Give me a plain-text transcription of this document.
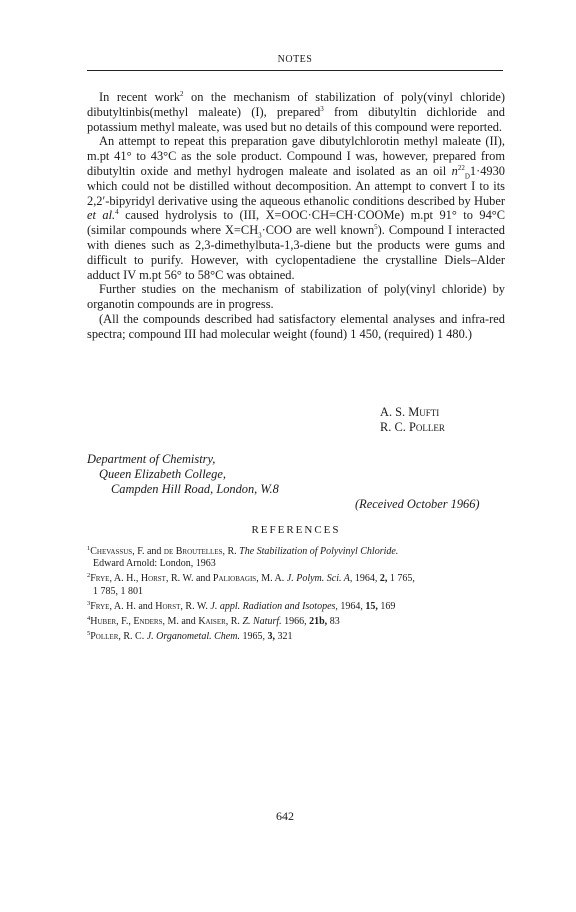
NOTES

In recent work$^2$ on the mechanism of stabilization of poly(vinyl chloride) dibutyltinbis(methyl maleate) (I), prepared$^3$ from dibutyltin dichloride and potassium methyl maleate, was used but no details of this compound were reported.

An attempt to repeat this preparation gave dibutylchlorotin methyl maleate (II), m.pt 41° to 43°C as the sole product. Compound I was, however, prepared from dibutyltin oxide and methyl hydrogen maleate and isolated as an oil $n^{22}_D1\cdot 4930$ which could not be distilled without decomposition. An attempt to convert I to its 2,2′-bipyridyl derivative using the aqueous ethanolic conditions described by Huber et al.$^4$ caused hydrolysis to (III, X=OOC·CH=CH·COOMe) m.pt 91° to 94°C (similar compounds where $X=CH_3\cdot COO$ are well known$^5$). Compound I interacted with dienes such as 2,3-dimethylbuta-1,3-diene but the products were gums and difficult to purify. However, with cyclopentadiene the crystalline Diels–Alder adduct IV m.pt 56° to 58°C was obtained.

Further studies on the mechanism of stabilization of poly(vinyl chloride) by organotin compounds are in progress.

(All the compounds described had satisfactory elemental analyses and infra-red spectra; compound III had molecular weight (found) 1 450, (required) 1 480.)

A. S. Mufti
R. C. Poller
Department of Chemistry,
Queen Elizabeth College,
Campden Hill Road, London, W.8
(Received October 1966)
REFERENCES
$^1$Chevassus, F. and de Broutelles, R. The Stabilization of Polyvinyl Chloride.
Edward Arnold: London, 1963
$^2$Frye, A. H., Horst, R. W. and Paliobagis, M. A. J. Polym. Sci. A, 1964, 2, 1 765,
1 785, 1 801
$^3$Frye, A. H. and Horst, R. W. J. appl. Radiation and Isotopes, 1964, 15, 169
$^4$Huber, F., Enders, M. and Kaiser, R. Z. Naturf. 1966, 21b, 83
$^5$Poller, R. C. J. Organometal. Chem. 1965, 3, 321
642
